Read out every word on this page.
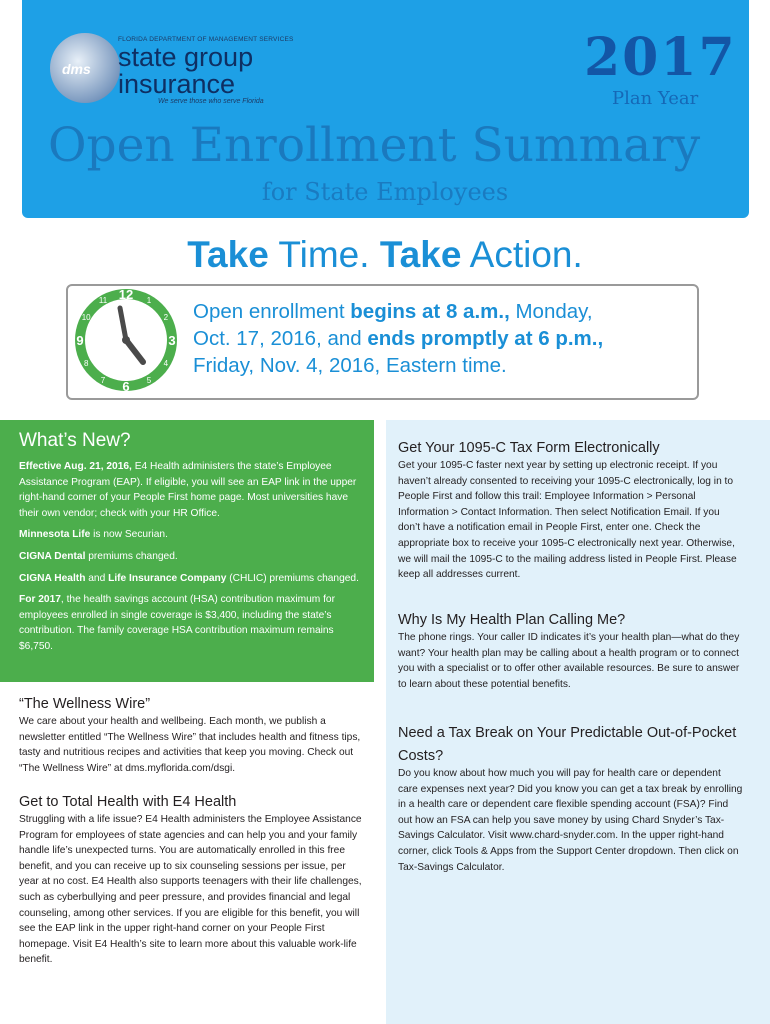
dms
FLORIDA DEPARTMENT OF MANAGEMENT SERVICES
state group
insurance
We serve those who serve Florida
2017
Plan Year
Open Enrollment Summary
for State Employees
Take Time. Take Action.
12 1
2
3
4
5
6
7
8
9
10
11	Open enrollment begins at 8 a.m., Monday,
Oct. 17, 2016, and ends promptly at 6 p.m.,
Friday, Nov. 4, 2016, Eastern time.
What’s New?

Effective Aug. 21, 2016, E4 Health administers the state’s Employee Assistance Program (EAP). If eligible, you will see an EAP link in the upper right-hand corner of your People First home page. Most universities have their own vendor; check with your HR Office.

Minnesota Life is now Securian.

CIGNA Dental premiums changed.

CIGNA Health and Life Insurance Company (CHLIC) premiums changed.

For 2017, the health savings account (HSA) contribution maximum for employees enrolled in single coverage is $3,400, including the state’s contribution. The family coverage HSA contribution maximum remains $6,750.

“The Wellness Wire”
We care about your health and wellbeing. Each month, we publish a newsletter entitled “The Wellness Wire” that includes health and fitness tips, tasty and nutritious recipes and activities that keep you moving. Check out “The Wellness Wire” at dms.myflorida.com/dsgi.
Get to Total Health with E4 Health
Struggling with a life issue? E4 Health administers the Employee Assistance Program for employees of state agencies and can help you and your family handle life’s unexpected turns. You are automatically enrolled in this free benefit, and you can receive up to six counseling sessions per issue, per year at no cost. E4 Health also supports teenagers with their life challenges, such as cyberbullying and peer pressure, and provides financial and legal counseling, among other services. If you are eligible for this benefit, you will see the EAP link in the upper right-hand corner on your People First homepage. Visit E4 Health’s site to learn more about this valuable work-life benefit.
Get Your 1095-C Tax Form Electronically
Get your 1095-C faster next year by setting up electronic receipt. If you haven’t already consented to receiving your 1095-C electronically, log in to People First and follow this trail: Employee Information > Personal Information > Contact Information. Then select Notification Email. If you don’t have a notification email in People First, enter one. Check the appropriate box to receive your 1095-C electronically next year. Otherwise, we will mail the 1095-C to the mailing address listed in People First. Please keep all addresses current.
Why Is My Health Plan Calling Me?
The phone rings. Your caller ID indicates it’s your health plan—what do they want? Your health plan may be calling about a health program or to connect you with a specialist or to offer other available resources. Be sure to answer to learn about these potential benefits.
Need a Tax Break on Your Predictable Out-of-Pocket Costs?
Do you know about how much you will pay for health care or dependent care expenses next year? Did you know you can get a tax break by enrolling in a health care or dependent care flexible spending account (FSA)? Find out how an FSA can help you save money by using Chard Snyder’s Tax-Savings Calculator. Visit www.chard-snyder.com. In the upper right-hand corner, click Tools & Apps from the Support Center dropdown. Then click on Tax-Savings Calculator.
